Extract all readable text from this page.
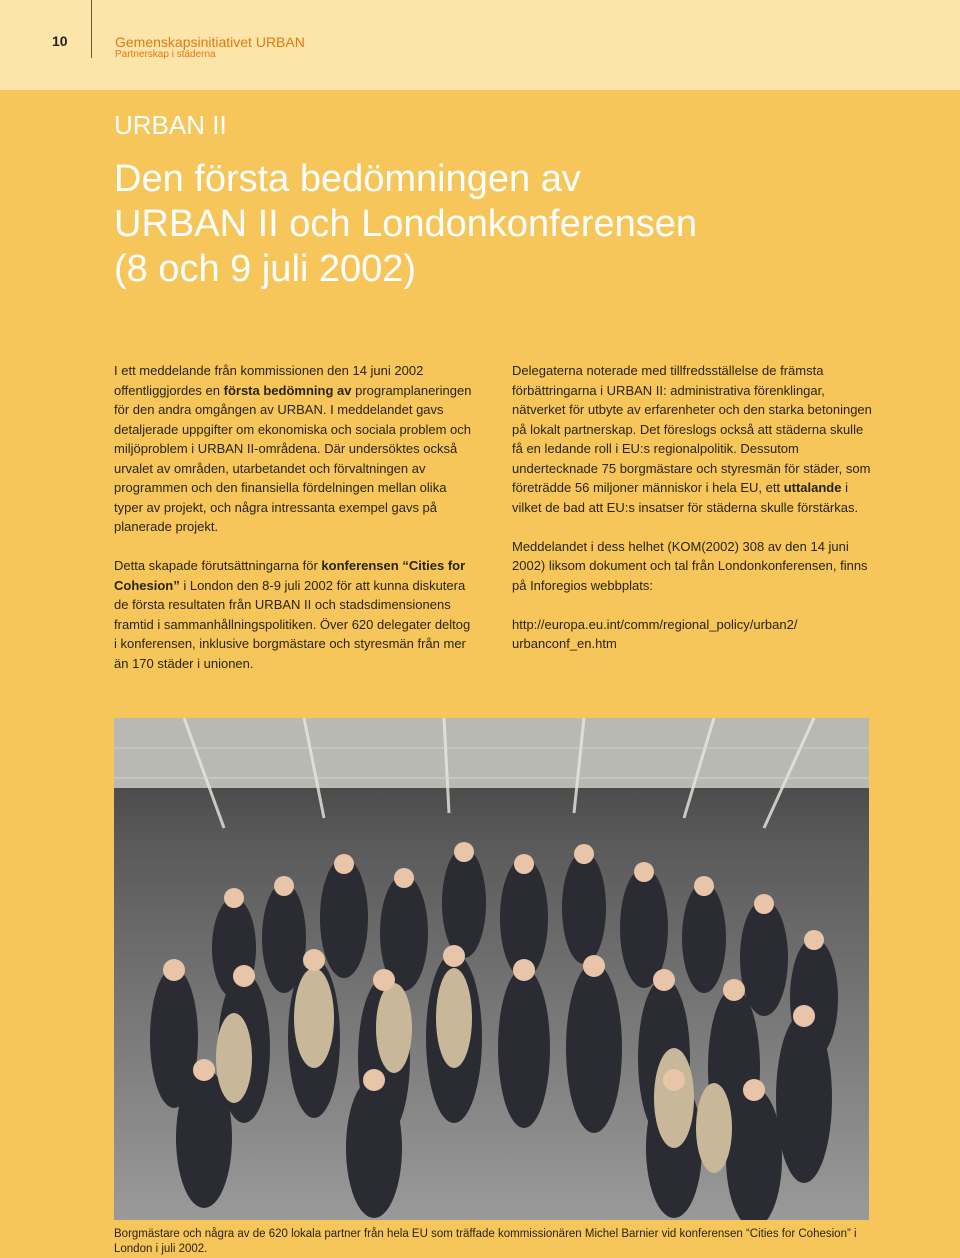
10	Gemenskapsinitiativet URBAN
Partnerskap i städerna
URBAN II
Den första bedömningen av
URBAN II och Londonkonferensen
(8 och 9 juli 2002)

I ett meddelande från kommissionen den 14 juni 2002 offentliggjordes en första bedömning av programplaneringen för den andra omgången av URBAN. I meddelandet gavs detaljerade uppgifter om ekonomiska och sociala problem och miljöproblem i URBAN II-områdena. Där undersöktes också urvalet av områden, utarbetandet och förvaltningen av programmen och den finansiella fördelningen mellan olika typer av projekt, och några intressanta exempel gavs på planerade projekt.

Detta skapade förutsättningarna för konferensen “Cities for Cohesion” i London den 8-9 juli 2002 för att kunna diskutera de första resultaten från URBAN II och stadsdimensionens framtid i sammanhållningspolitiken. Över 620 delegater deltog i konferensen, inklusive borgmästare och styresmän från mer än 170 städer i unionen.

Delegaterna noterade med tillfredsställelse de främsta förbättringarna i URBAN II: administrativa förenklingar, nätverket för utbyte av erfarenheter och den starka betoningen på lokalt partnerskap. Det föreslogs också att städerna skulle få en ledande roll i EU:s regionalpolitik. Dessutom undertecknade 75 borgmästare och styresmän för städer, som företrädde 56 miljoner människor i hela EU, ett uttalande i vilket de bad att EU:s insatser för städerna skulle förstärkas.

Meddelandet i dess helhet (KOM(2002) 308 av den 14 juni 2002) liksom dokument och tal från Londonkonferensen, finns på Inforegios webbplats:

http://europa.eu.int/comm/regional_policy/urban2/
urbanconf_en.htm

Borgmästare och några av de 620 lokala partner från hela EU som träffade kommissionären Michel Barnier vid konferensen “Cities for Cohesion” i London i juli 2002.
